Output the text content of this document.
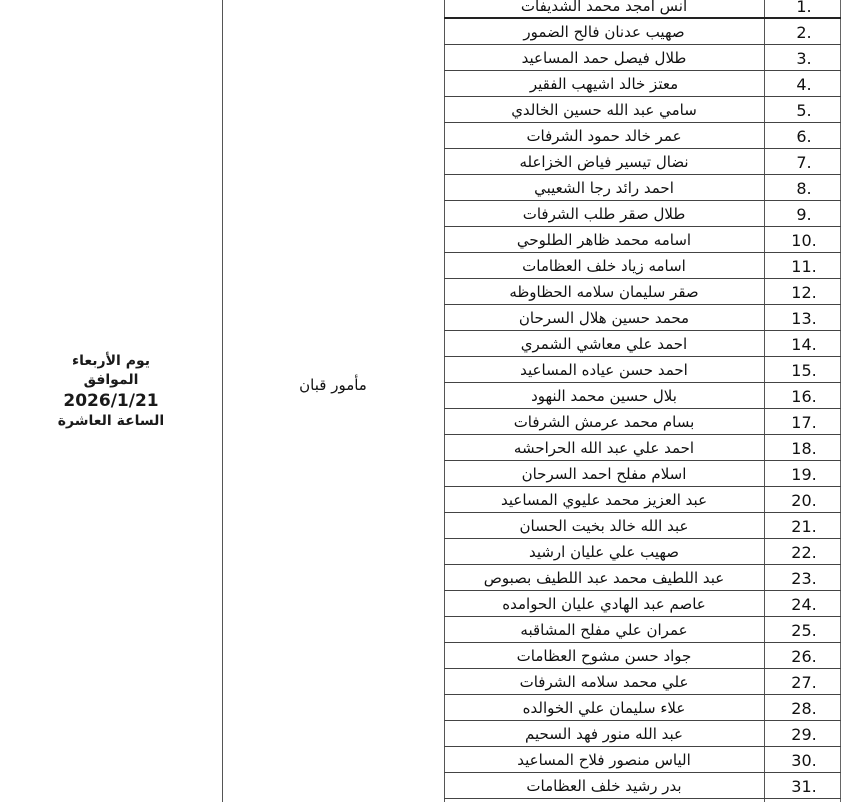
يوم الأربعاء
الموافق
2026/1/21
الساعة العاشرة
مأمور قبان
انس امجد محمد الشديفات	1.
صهيب عدنان فالح الضمور	2.
طلال فيصل حمد المساعيد	3.
معتز خالد اشيهب الفقير	4.
سامي عبد الله حسين الخالدي	5.
عمر خالد حمود الشرفات	6.
نضال تيسير فياض الخزاعله	7.
احمد رائد رجا الشعيبي	8.
طلال صقر طلب الشرفات	9.
اسامه محمد ظاهر الطلوحي	10.
اسامه زياد خلف العظامات	11.
صقر سليمان سلامه الحظاوظه	12.
محمد حسين هلال السرحان	13.
احمد علي معاشي الشمري	14.
احمد حسن عياده المساعيد	15.
بلال حسين محمد النهود	16.
بسام محمد عرمش الشرفات	17.
احمد علي عبد الله الحراحشه	18.
اسلام مفلح احمد السرحان	19.
عبد العزيز محمد عليوي المساعيد	20.
عبد الله خالد بخيت الحسان	21.
صهيب علي عليان ارشيد	22.
عبد اللطيف محمد عبد اللطيف بصبوص	23.
عاصم عبد الهادي عليان الحوامده	24.
عمران علي مفلح المشاقبه	25.
جواد حسن مشوح العظامات	26.
علي محمد سلامه الشرفات	27.
علاء سليمان علي الخوالده	28.
عبد الله منور فهد السحيم	29.
الياس منصور فلاح المساعيد	30.
بدر رشيد خلف العظامات	31.
